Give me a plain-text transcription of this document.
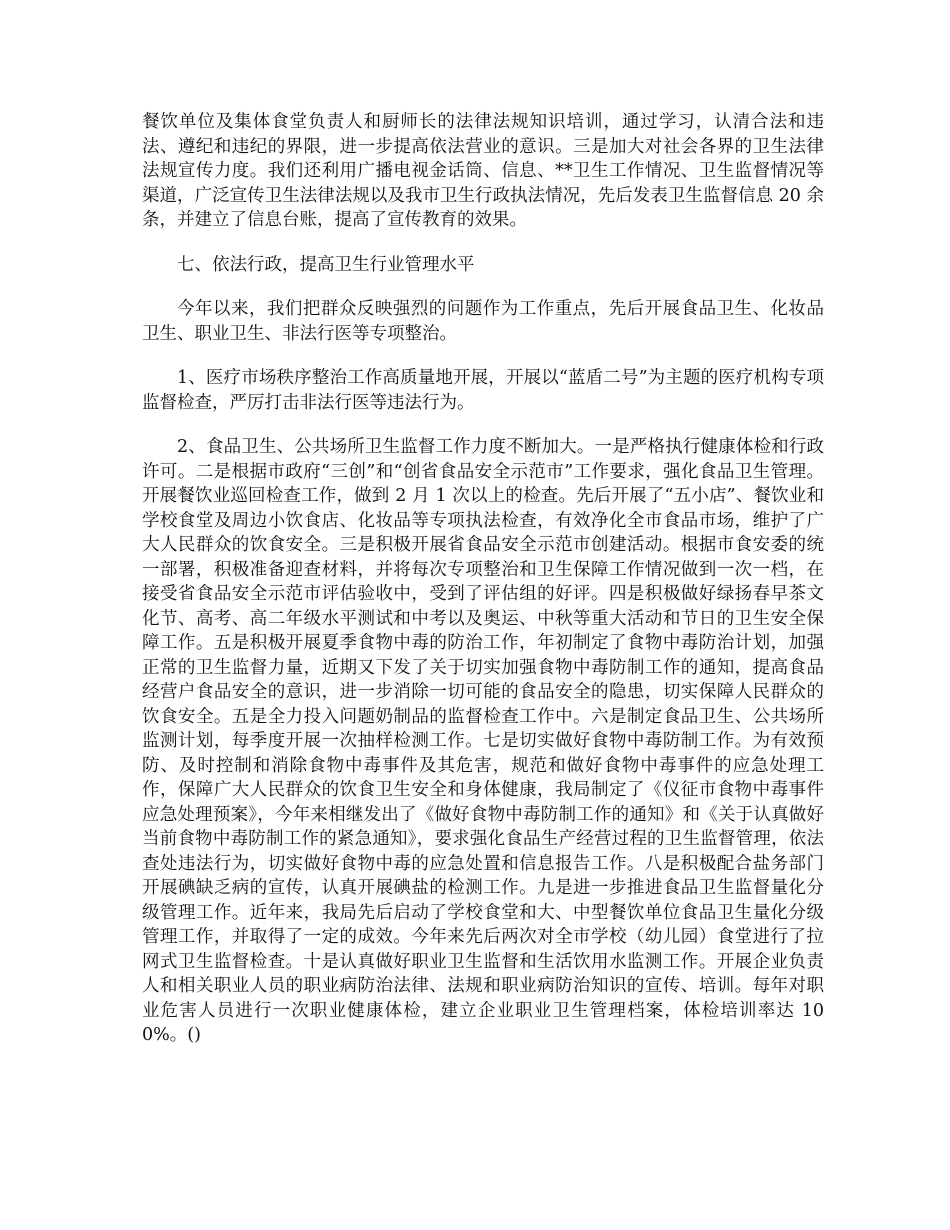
餐饮单位及集体食堂负责人和厨师长的法律法规知识培训，通过学习，认清合法和违法、遵纪和违纪的界限，进一步提高依法营业的意识。三是加大对社会各界的卫生法律法规宣传力度。我们还利用广播电视金话筒、信息、**卫生工作情况、卫生监督情况等渠道，广泛宣传卫生法律法规以及我市卫生行政执法情况，先后发表卫生监督信息 20 余条，并建立了信息台账，提高了宣传教育的效果。

七、依法行政，提高卫生行业管理水平

今年以来，我们把群众反映强烈的问题作为工作重点，先后开展食品卫生、化妆品卫生、职业卫生、非法行医等专项整治。

1、医疗市场秩序整治工作高质量地开展，开展以“蓝盾二号”为主题的医疗机构专项监督检查，严厉打击非法行医等违法行为。

2、食品卫生、公共场所卫生监督工作力度不断加大。一是严格执行健康体检和行政许可。二是根据市政府“三创”和“创省食品安全示范市”工作要求，强化食品卫生管理。开展餐饮业巡回检查工作，做到 2 月 1 次以上的检查。先后开展了“五小店”、餐饮业和学校食堂及周边小饮食店、化妆品等专项执法检查，有效净化全市食品市场，维护了广大人民群众的饮食安全。三是积极开展省食品安全示范市创建活动。根据市食安委的统一部署，积极准备迎查材料，并将每次专项整治和卫生保障工作情况做到一次一档，在接受省食品安全示范市评估验收中，受到了评估组的好评。四是积极做好绿扬春早茶文化节、高考、高二年级水平测试和中考以及奥运、中秋等重大活动和节日的卫生安全保障工作。五是积极开展夏季食物中毒的防治工作，年初制定了食物中毒防治计划，加强正常的卫生监督力量，近期又下发了关于切实加强食物中毒防制工作的通知，提高食品经营户食品安全的意识，进一步消除一切可能的食品安全的隐患，切实保障人民群众的饮食安全。五是全力投入问题奶制品的监督检查工作中。六是制定食品卫生、公共场所监测计划，每季度开展一次抽样检测工作。七是切实做好食物中毒防制工作。为有效预防、及时控制和消除食物中毒事件及其危害，规范和做好食物中毒事件的应急处理工作，保障广大人民群众的饮食卫生安全和身体健康，我局制定了《仪征市食物中毒事件应急处理预案》，今年来相继发出了《做好食物中毒防制工作的通知》和《关于认真做好当前食物中毒防制工作的紧急通知》，要求强化食品生产经营过程的卫生监督管理，依法查处违法行为，切实做好食物中毒的应急处置和信息报告工作。八是积极配合盐务部门开展碘缺乏病的宣传，认真开展碘盐的检测工作。九是进一步推进食品卫生监督量化分级管理工作。近年来，我局先后启动了学校食堂和大、中型餐饮单位食品卫生量化分级管理工作，并取得了一定的成效。今年来先后两次对全市学校（幼儿园）食堂进行了拉网式卫生监督检查。十是认真做好职业卫生监督和生活饮用水监测工作。开展企业负责人和相关职业人员的职业病防治法律、法规和职业病防治知识的宣传、培训。每年对职业危害人员进行一次职业健康体检，建立企业职业卫生管理档案，体检培训率达 100%。()
